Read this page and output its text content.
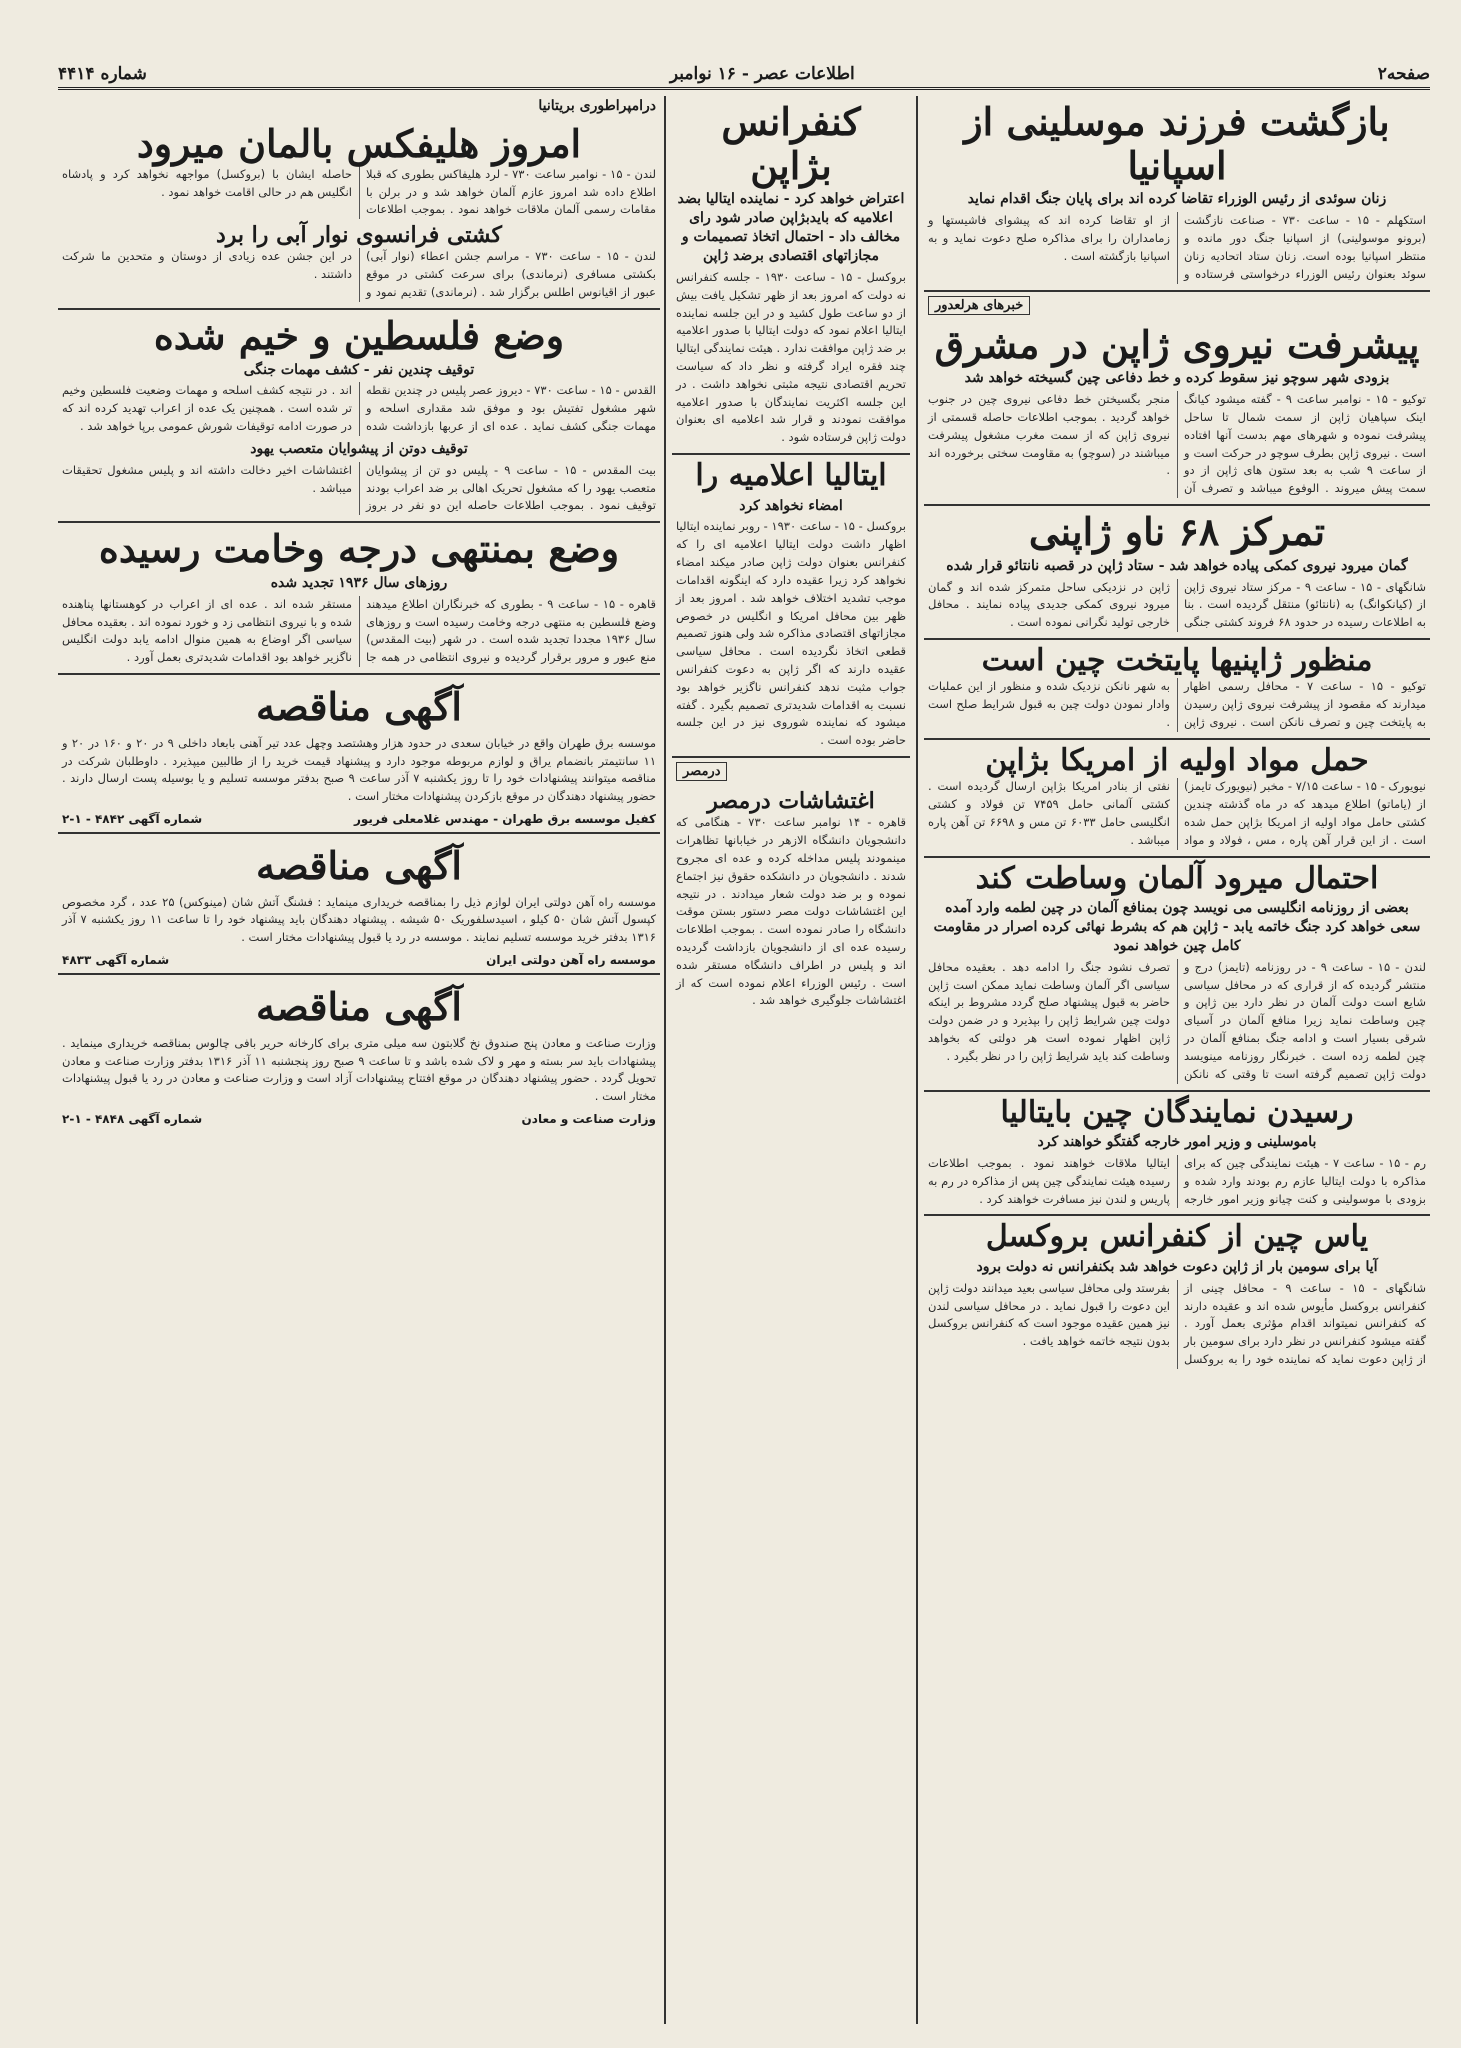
صفحه۲
اطلاعات عصر - ۱۶ نوامبر
شماره ۴۴۱۴
بازگشت فرزند موسلینی از اسپانیا
زنان سوئدی از رئیس الوزراء تقاضا کرده اند برای پایان جنگ اقدام نماید
استکهلم - ۱۵ - ساعت ۷۳۰ - صناعت نازگشت (برونو موسولینی) از اسپانیا جنگ دور مانده و منتظر اسپانیا بوده است. زنان ستاد اتحادیه زنان سوئد بعنوان رئیس الوزراء درخواستی فرستاده و از او تقاضا کرده اند که پیشوای فاشیستها و زمامداران را برای مذاکره صلح دعوت نماید و به اسپانیا بازگشته است .
خبرهای هرلعدور
پیشرفت نیروی ژاپن در مشرق
بزودی شهر سوچو نیز سقوط کرده و خط دفاعی چین گسیخته خواهد شد
توکیو - ۱۵ - نوامبر ساعت ۹ - گفته میشود کیانگ اینک سپاهیان ژاپن از سمت شمال تا ساحل پیشرفت نموده و شهرهای مهم بدست آنها افتاده است . نیروی ژاپن بطرف سوچو در حرکت است و از ساعت ۹ شب به بعد ستون های ژاپن از دو سمت پیش میروند . الوفوع میباشد و تصرف آن منجر بگسیختن خط دفاعی نیروی چین در جنوب خواهد گردید . بموجب اطلاعات حاصله قسمتی از نیروی ژاپن که از سمت مغرب مشغول پیشرفت میباشند در (سوچو) به مقاومت سختی برخورده اند .
تمرکز ۶۸ ناو ژاپنی
گمان میرود نیروی کمکی پیاده خواهد شد - ستاد ژاپن در قصبه نانتائو قرار شده
شانگهای - ۱۵ - ساعت ۹ - مرکز ستاد نیروی ژاپن از (کیانکوانگ) به (نانتائو) منتقل گردیده است . بنا به اطلاعات رسیده در حدود ۶۸ فروند کشتی جنگی ژاپن در نزدیکی ساحل متمرکز شده اند و گمان میرود نیروی کمکی جدیدی پیاده نمایند . محافل خارجی تولید نگرانی نموده است .
منظور ژاپنیها پایتخت چین است
توکیو - ۱۵ - ساعت ۷ - محافل رسمی اظهار میدارند که مقصود از پیشرفت نیروی ژاپن رسیدن به پایتخت چین و تصرف نانکن است . نیروی ژاپن به شهر نانکن نزدیک شده و منظور از این عملیات وادار نمودن دولت چین به قبول شرایط صلح است .
حمل مواد اولیه از امریکا بژاپن
نیویورک - ۱۵ - ساعت ۷/۱۵ - مخبر (نیویورک تایمز) از (یاماتو) اطلاع میدهد که در ماه گذشته چندین کشتی حامل مواد اولیه از امریکا بژاپن حمل شده است . از این قرار آهن پاره ، مس ، فولاد و مواد نفتی از بنادر امریکا بژاپن ارسال گردیده است . کشتی آلمانی حامل ۷۴۵۹ تن فولاد و کشتی انگلیسی حامل ۶۰۳۳ تن مس و ۶۶۹۸ تن آهن پاره میباشد .
احتمال میرود آلمان وساطت کند
بعضی از روزنامه انگلیسی می نویسد چون بمنافع آلمان در چین لطمه وارد آمده سعی خواهد کرد جنگ خاتمه یابد - ژاپن هم که بشرط نهائی کرده اصرار در مقاومت کامل چین خواهد نمود
لندن - ۱۵ - ساعت ۹ - در روزنامه (تایمز) درج و منتشر گردیده که از قراری که در محافل سیاسی شایع است دولت آلمان در نظر دارد بین ژاپن و چین وساطت نماید زیرا منافع آلمان در آسیای شرقی بسیار است و ادامه جنگ بمنافع آلمان در چین لطمه زده است . خبرنگار روزنامه مینویسد دولت ژاپن تصمیم گرفته است تا وقتی که نانکن تصرف نشود جنگ را ادامه دهد . بعقیده محافل سیاسی اگر آلمان وساطت نماید ممکن است ژاپن حاضر به قبول پیشنهاد صلح گردد مشروط بر اینکه دولت چین شرایط ژاپن را بپذیرد و در ضمن دولت ژاپن اظهار نموده است هر دولتی که بخواهد وساطت کند باید شرایط ژاپن را در نظر بگیرد .
رسیدن نمایندگان چین بایتالیا
باموسلینی و وزیر امور خارجه گفتگو خواهند کرد
رم - ۱۵ - ساعت ۷ - هیئت نمایندگی چین که برای مذاکره با دولت ایتالیا عازم رم بودند وارد شده و بزودی با موسولینی و کنت چیانو وزیر امور خارجه ایتالیا ملاقات خواهند نمود . بموجب اطلاعات رسیده هیئت نمایندگی چین پس از مذاکره در رم به پاریس و لندن نیز مسافرت خواهند کرد .
یاس چین از کنفرانس بروکسل
آیا برای سومین بار از ژاپن دعوت خواهد شد بکنفرانس نه دولت برود
شانگهای - ۱۵ - ساعت ۹ - محافل چینی از کنفرانس بروکسل مأیوس شده اند و عقیده دارند که کنفرانس نمیتواند اقدام مؤثری بعمل آورد . گفته میشود کنفرانس در نظر دارد برای سومین بار از ژاپن دعوت نماید که نماینده خود را به بروکسل بفرستد ولی محافل سیاسی بعید میدانند دولت ژاپن این دعوت را قبول نماید . در محافل سیاسی لندن نیز همین عقیده موجود است که کنفرانس بروکسل بدون نتیجه خاتمه خواهد یافت .
کنفرانس بژاپن
اعتراض خواهد کرد - نماینده ایتالیا بضد اعلامیه که بایدبژاپن صادر شود رای مخالف داد - احتمال اتخاذ تصمیمات و مجازاتهای اقتصادی برضد ژاپن
بروکسل - ۱۵ - ساعت ۱۹۳۰ - جلسه کنفرانس نه دولت که امروز بعد از ظهر تشکیل یافت بیش از دو ساعت طول کشید و در این جلسه نماینده ایتالیا اعلام نمود که دولت ایتالیا با صدور اعلامیه بر ضد ژاپن موافقت ندارد . هیئت نمایندگی ایتالیا چند فقره ایراد گرفته و نظر داد که سیاست تحریم اقتصادی نتیجه مثبتی نخواهد داشت . در این جلسه اکثریت نمایندگان با صدور اعلامیه موافقت نمودند و قرار شد اعلامیه ای بعنوان دولت ژاپن فرستاده شود .
ایتالیا اعلامیه را
امضاء نخواهد کرد
بروکسل - ۱۵ - ساعت ۱۹۳۰ - روبر نماینده ایتالیا اظهار داشت دولت ایتالیا اعلامیه ای را که کنفرانس بعنوان دولت ژاپن صادر میکند امضاء نخواهد کرد زیرا عقیده دارد که اینگونه اقدامات موجب تشدید اختلاف خواهد شد . امروز بعد از ظهر بین محافل امریکا و انگلیس در خصوص مجازاتهای اقتصادی مذاکره شد ولی هنوز تصمیم قطعی اتخاذ نگردیده است . محافل سیاسی عقیده دارند که اگر ژاپن به دعوت کنفرانس جواب مثبت ندهد کنفرانس ناگزیر خواهد بود نسبت به اقدامات شدیدتری تصمیم بگیرد . گفته میشود که نماینده شوروی نیز در این جلسه حاضر بوده است .
درمصر
اغتشاشات درمصر
قاهره - ۱۴ نوامبر ساعت ۷۳۰ - هنگامی که دانشجویان دانشگاه الازهر در خیابانها تظاهرات مینمودند پلیس مداخله کرده و عده ای مجروح شدند . دانشجویان در دانشکده حقوق نیز اجتماع نموده و بر ضد دولت شعار میدادند . در نتیجه این اغتشاشات دولت مصر دستور بستن موقت دانشگاه را صادر نموده است . بموجب اطلاعات رسیده عده ای از دانشجویان بازداشت گردیده اند و پلیس در اطراف دانشگاه مستقر شده است . رئیس الوزراء اعلام نموده است که از اغتشاشات جلوگیری خواهد شد .
درامپراطوری بریتانیا
امروز هلیفکس بالمان میرود
لندن - ۱۵ - نوامبر ساعت ۷۳۰ - لرد هلیفاکس بطوری که قبلا اطلاع داده شد امروز عازم آلمان خواهد شد و در برلن با مقامات رسمی آلمان ملاقات خواهد نمود . بموجب اطلاعات حاصله ایشان با (بروکسل) مواجهه نخواهد کرد و پادشاه انگلیس هم در حالی اقامت خواهد نمود .
کشتی فرانسوی نوار آبی را برد
لندن - ۱۵ - ساعت ۷۳۰ - مراسم جشن اعطاء (نوار آبی) بکشتی مسافری (نرماندی) برای سرعت کشتی در موقع عبور از اقیانوس اطلس برگزار شد . (نرماندی) تقدیم نمود و در این جشن عده زیادی از دوستان و متحدین ما شرکت داشتند .
وضع فلسطین و خیم شده
توقیف چندین نفر - کشف مهمات جنگی
القدس - ۱۵ - ساعت ۷۳۰ - دیروز عصر پلیس در چندین نقطه شهر مشغول تفتیش بود و موفق شد مقداری اسلحه و مهمات جنگی کشف نماید . عده ای از عربها بازداشت شده اند . در نتیجه کشف اسلحه و مهمات وضعیت فلسطین وخیم تر شده است . همچنین یک عده از اعراب تهدید کرده اند که در صورت ادامه توقیفات شورش عمومی برپا خواهد شد .
توقیف دوتن از پیشوایان متعصب یهود
بیت المقدس - ۱۵ - ساعت ۹ - پلیس دو تن از پیشوایان متعصب یهود را که مشغول تحریک اهالی بر ضد اعراب بودند توقیف نمود . بموجب اطلاعات حاصله این دو نفر در بروز اغتشاشات اخیر دخالت داشته اند و پلیس مشغول تحقیقات میباشد .
وضع بمنتهی درجه وخامت رسیده
روزهای سال ۱۹۳۶ تجدید شده
قاهره - ۱۵ - ساعت ۹ - بطوری که خبرنگاران اطلاع میدهند وضع فلسطین به منتهی درجه وخامت رسیده است و روزهای سال ۱۹۳۶ مجددا تجدید شده است . در شهر (بیت المقدس) منع عبور و مرور برقرار گردیده و نیروی انتظامی در همه جا مستقر شده اند . عده ای از اعراب در کوهستانها پناهنده شده و با نیروی انتظامی زد و خورد نموده اند . بعقیده محافل سیاسی اگر اوضاع به همین منوال ادامه یابد دولت انگلیس ناگزیر خواهد بود اقدامات شدیدتری بعمل آورد .
آگهی مناقصه
موسسه برق طهران واقع در خیابان سعدی در حدود هزار وهشتصد وچهل عدد تیر آهنی بابعاد داخلی ۹ در ۲۰ و ۱۶۰ در ۲۰ و ۱۱ سانتیمتر بانضمام یراق و لوازم مربوطه موجود دارد و پیشنهاد قیمت خرید را از طالبین میپذیرد . داوطلبان شرکت در مناقصه میتوانند پیشنهادات خود را تا روز یکشنبه ۷ آذر ساعت ۹ صبح بدفتر موسسه تسلیم و یا بوسیله پست ارسال دارند . حضور پیشنهاد دهندگان در موقع بازکردن پیشنهادات مختار است .
کفیل موسسه برق طهران - مهندس غلامعلی فریور
شماره آگهی ۴۸۴۲ - ۱-۲
آگهی مناقصه
موسسه راه آهن دولتی ایران لوازم ذیل را بمناقصه خریداری مینماید : فشنگ آتش شان (مینوکس) ۲۵ عدد ، گرد مخصوص کپسول آتش شان ۵۰ کیلو ، اسیدسلفوریک ۵۰ شیشه . پیشنهاد دهندگان باید پیشنهاد خود را تا ساعت ۱۱ روز یکشنبه ۷ آذر ۱۳۱۶ بدفتر خرید موسسه تسلیم نمایند . موسسه در رد یا قبول پیشنهادات مختار است .
موسسه راه آهن دولتی ایران
شماره آگهی ۴۸۳۳
آگهی مناقصه
وزارت صناعت و معادن پنج صندوق نخ گلابتون سه میلی متری برای کارخانه حریر بافی چالوس بمناقصه خریداری مینماید . پیشنهادات باید سر بسته و مهر و لاک شده باشد و تا ساعت ۹ صبح روز پنجشنبه ۱۱ آذر ۱۳۱۶ بدفتر وزارت صناعت و معادن تحویل گردد . حضور پیشنهاد دهندگان در موقع افتتاح پیشنهادات آزاد است و وزارت صناعت و معادن در رد یا قبول پیشنهادات مختار است .
وزارت صناعت و معادن
شماره آگهی ۴۸۴۸ - ۱-۲
